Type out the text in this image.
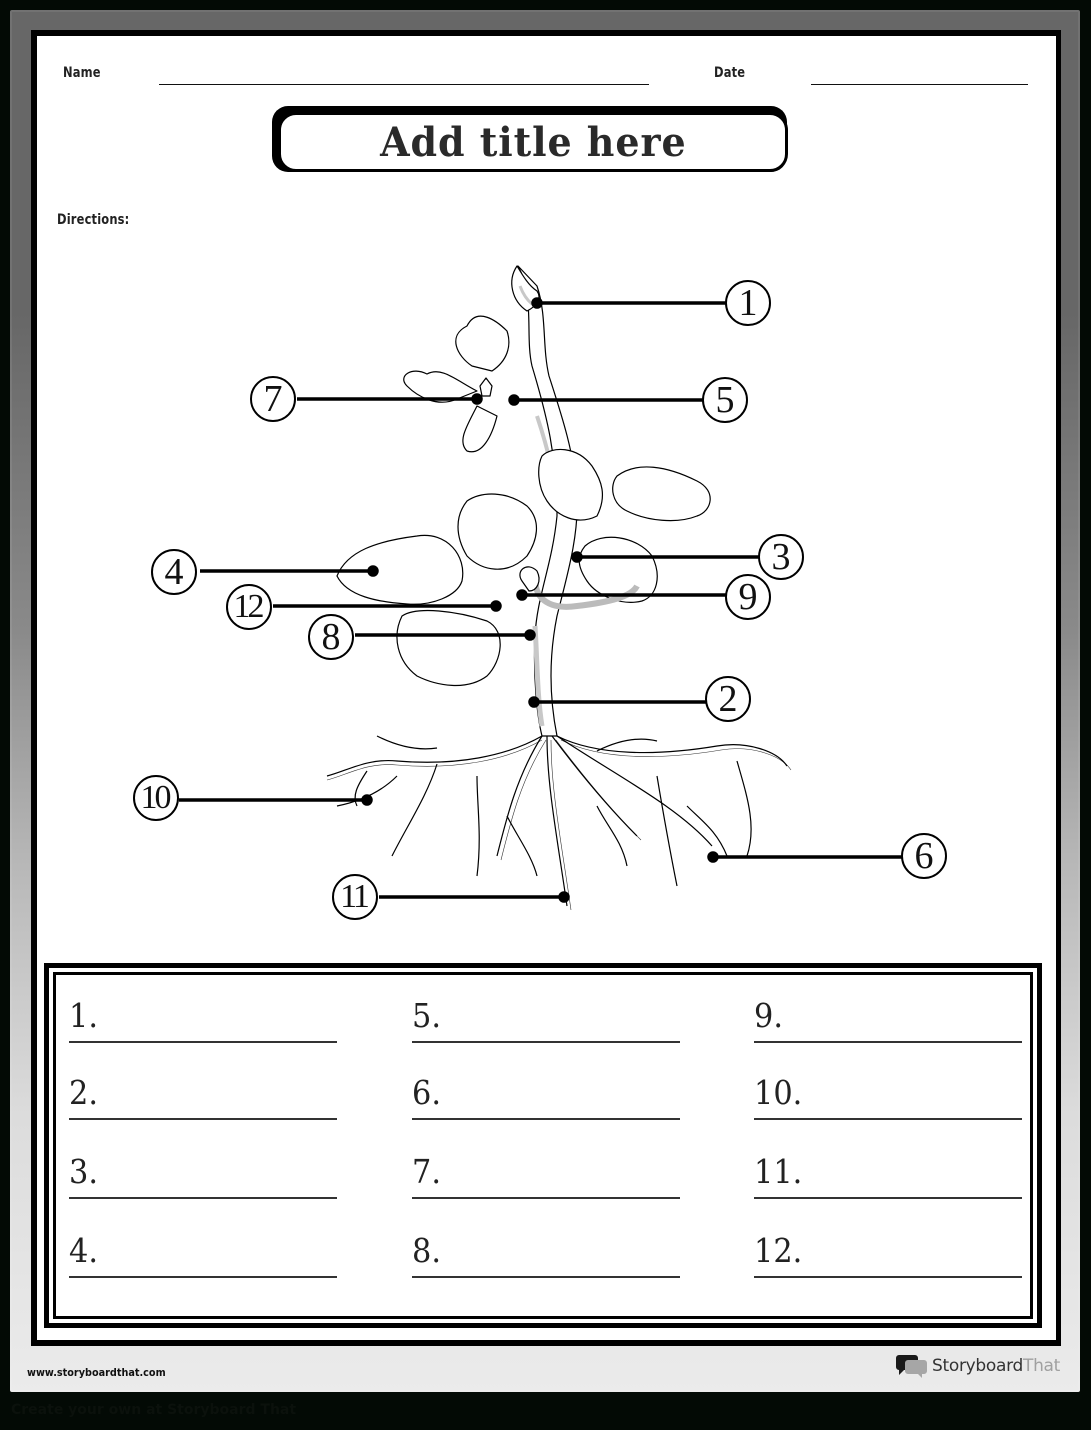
Name	Date
Add title here
Directions:
1
2
3
4
5
6
7
8
9
10
11
12
1.
2.
3.
4.
5.
6.
7.
8.
9.
10.
11.
12.
www.storyboardthat.com	StoryboardThat
Create your own at Storyboard That
